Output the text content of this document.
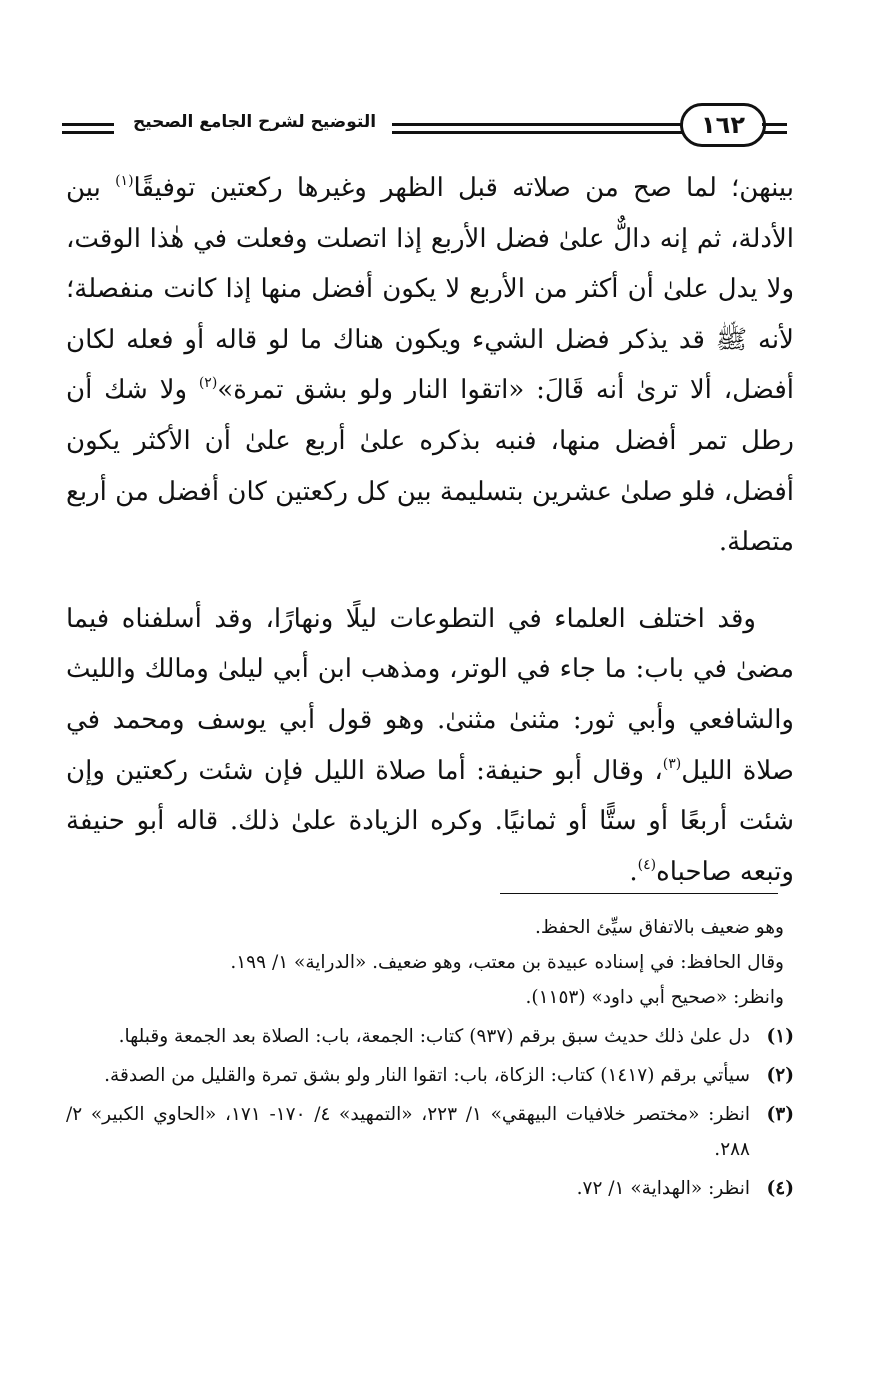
التوضيح لشرح الجامع الصحيح	١٦٢

بينهن؛ لما صح من صلاته قبل الظهر وغيرها ركعتين توفيقًا$^{(١)}$ بين الأدلة، ثم إنه دالٌّ علىٰ فضل الأربع إذا اتصلت وفعلت في هٰذا الوقت، ولا يدل علىٰ أن أكثر من الأربع لا يكون أفضل منها إذا كانت منفصلة؛ لأنه ﷺ قد يذكر فضل الشيء ويكون هناك ما لو قاله أو فعله لكان أفضل، ألا ترىٰ أنه قَالَ: «اتقوا النار ولو بشق تمرة»$^{(٢)}$ ولا شك أن رطل تمر أفضل منها، فنبه بذكره علىٰ أربع علىٰ أن الأكثر يكون أفضل، فلو صلىٰ عشرين بتسليمة بين كل ركعتين كان أفضل من أربع متصلة.

وقد اختلف العلماء في التطوعات ليلًا ونهارًا، وقد أسلفناه فيما مضىٰ في باب: ما جاء في الوتر، ومذهب ابن أبي ليلىٰ ومالك والليث والشافعي وأبي ثور: مثنىٰ مثنىٰ. وهو قول أبي يوسف ومحمد في صلاة الليل$^{(٣)}$، وقال أبو حنيفة: أما صلاة الليل فإن شئت ركعتين وإن شئت أربعًا أو ستًّا أو ثمانيًا. وكره الزيادة علىٰ ذلك. قاله أبو حنيفة وتبعه صاحباه$^{(٤)}$.

وهو ضعيف بالاتفاق سيِّئ الحفظ.
وقال الحافظ: في إسناده عبيدة بن معتب، وهو ضعيف. «الدراية» ١/ ١٩٩.
وانظر: «صحيح أبي داود» (١١٥٣).
(١)
دل علىٰ ذلك حديث سبق برقم (٩٣٧) كتاب: الجمعة، باب: الصلاة بعد الجمعة وقبلها.
(٢)
سيأتي برقم (١٤١٧) كتاب: الزكاة، باب: اتقوا النار ولو بشق تمرة والقليل من الصدقة.
(٣)
انظر: «مختصر خلافيات البيهقي» ١/ ٢٢٣، «التمهيد» ٤/ ١٧٠- ١٧١، «الحاوي الكبير» ٢/ ٢٨٨.
(٤)
انظر: «الهداية» ١/ ٧٢.
